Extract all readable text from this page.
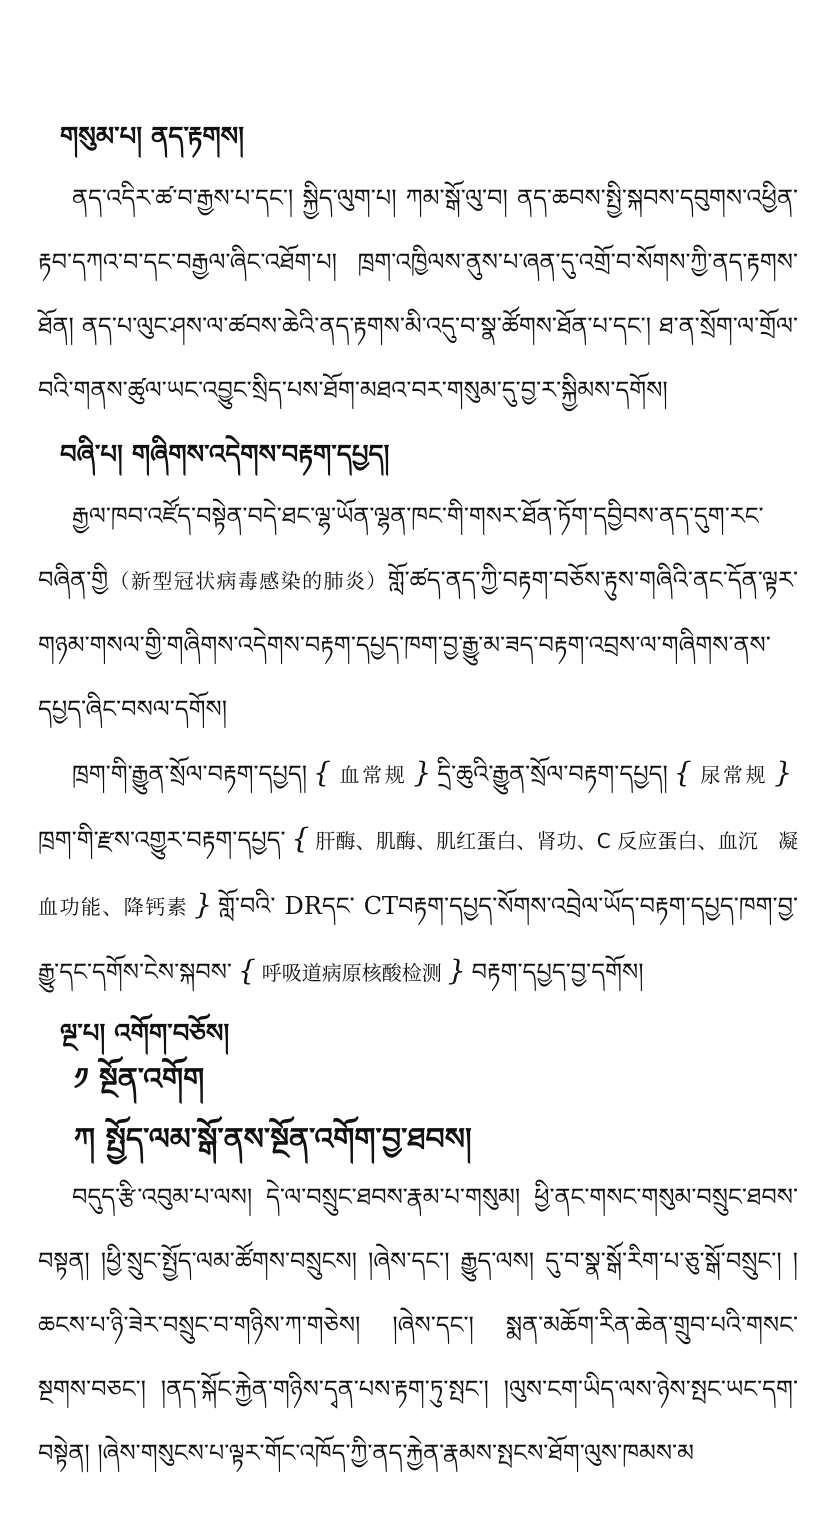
གསུམ་པ། ནད་རྟགས།

ནད་འདིར་ཚ་བ་རྒྱས་པ་དང་། སྐྱིད་ལུག་པ། ཀམ་སྒོ་ལུ་བ། ནད་ཆབས་སྤྱི་སྐབས་དབུགས་འཕྱིན་རྟབ་དཀའ་བ་དང་བརྒྱལ་ཞིང་འཐོག་པ། ཁྲག་འཁྱིལས་ནུས་པ་ཞན་དུ་འགྲོ་བ་སོགས་ཀྱི་ནད་རྟགས་ཐོན། ནད་པ་ལུང་ཤས་ལ་ཚབས་ཆེའི་ནད་རྟགས་མི་འདུ་བ་སྣ་ཚོགས་ཐོན་པ་དང་། ཐ་ན་སྲོག་ལ་གྲོལ་བའི་གནས་ཚུལ་ཡང་འབྱུང་སྲིད་པས་ཐོག་མཐའ་བར་གསུམ་དུ་བྱ་ར་སྐྱིམས་དགོས།

བཞི་པ། གཞིགས་འདེགས་བརྟག་དཔྱད།

རྒྱལ་ཁབ་འཛོད་བསྟེན་བདེ་ཐང་ལྷ་ཡོན་ལྷན་ཁང་གི་གསར་ཐོན་ཏོག་དབྱིབས་ནད་དུག་རང་བཞིན་གྱི（新型冠状病毒感染的肺炎）གློ་ཚད་ནད་ཀྱི་བརྟག་བཅོས་རྟུས་གཞིའི་ནང་དོན་ལྟར་གཉམ་གསལ་གྱི་གཞིགས་འདེགས་བརྟག་དཔྱད་ཁག་བྱ་རྒྱུ་མ་ཟད་བརྟག་འབྲས་ལ་གཞིགས་ནས་དཔྱད་ཞིང་བསལ་དགོས།

ཁྲག་གི་རྒྱུན་སྲོལ་བརྟག་དཔྱད། { 血常规 } དྲི་ཆུའི་རྒྱུན་སྲོལ་བརྟག་དཔྱད། { 尿常规 }ཁྲག་གི་རྫས་འགྱུར་བརྟག་དཔྱད་ { 肝酶、肌酶、肌红蛋白、肾功、C 反应蛋白、血沉　凝血功能、降钙素 } གློ་བའི་ DRདང་ CTབརྟག་དཔྱད་སོགས་འབྲེལ་ཡོད་བརྟག་དཔྱད་ཁག་བྱ་རྒྱུ་དང་དགོས་ངེས་སྐབས་ { 呼吸道病原核酸检测 } བརྟག་དཔྱད་བྱ་དགོས།

ལྔ་པ། འགོག་བཅོས།

༡ སྔོན་འགོག

ཀ སྤྱོད་ལམ་སྒོ་ནས་སྔོན་འགོག་བྱ་ཐབས།

བདུད་རྩི་འབུམ་པ་ལས། དེ་ལ་བསྲུང་ཐབས་རྣམ་པ་གསུམ། ཕྱི་ནང་གསང་གསུམ་བསྲུང་ཐབས་བསྟན། །ཕྱི་སྲུང་སྤྱོད་ལམ་ཚོགས་བསྲུངས། །ཞེས་དང་། རྒྱུད་ལས། དུ་བ་སྣ་སྒོ་རིག་པ་ཅུ་སྒོ་བསྲུང་། །ཆངས་པ་ཉི་ཟེར་བསྲུང་བ་གཉིས་ཀ་གཅེས། །ཞེས་དང་། སྨན་མཆོག་རིན་ཆེན་གྲུབ་པའི་གསང་སྔགས་བཅང་། །ནད་སྐོང་རྐྱེན་གཉིས་དྭན་པས་རྟག་ཏུ་སྤང་། །ལུས་ངག་ཡིད་ལས་ཉེས་སྤང་ཡང་དག་བསྟེན། །ཞེས་གསུངས་པ་ལྟར་གོང་འཁོད་ཀྱི་ནད་རྐྱེན་རྣམས་སྤངས་ཐོག་ལུས་ཁམས་མ
